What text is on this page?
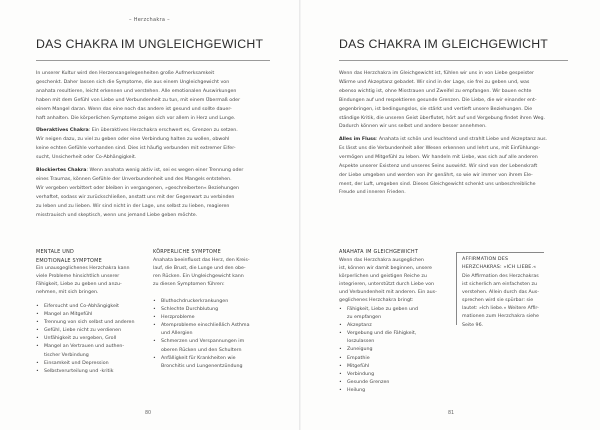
– Herzchakra –
DAS CHAKRA IM UNGLEICHGEWICHT

In unserer Kultur wird den Herzensangelegenheiten große Aufmerksamkeit
geschenkt. Daher lassen sich die Symptome, die aus einem Ungleichgewicht von
anahata resultieren, leicht erkennen und verstehen. Alle emotionalen Auswirkungen
haben mit dem Gefühl von Liebe und Verbundenheit zu tun, mit einem Übermaß oder
einem Mangel daran. Wenn das eine noch das andere ist gesund und sollte dauer-
haft anhalten. Die körperlichen Symptome zeigen sich vor allem in Herz und Lunge.

Überaktives Chakra: Ein überaktives Herzchakra erschwert es, Grenzen zu setzen.
Wir neigen dazu, zu viel zu geben oder eine Verbindung halten zu wollen, obwohl
keine echten Gefühle vorhanden sind. Dies ist häufig verbunden mit extremer Eifer-
sucht, Unsicherheit oder Co-Abhängigkeit.

Blockiertes Chakra: Wenn anahata wenig aktiv ist, sei es wegen einer Trennung oder
eines Traumas, können Gefühle der Unverbundenheit und des Mangels entstehen.
Wir vergeben verbittert oder bleiben in vergangenen, »geschreiberten« Beziehungen
verhaftet, sodass wir zurückschließen, anstatt uns mit der Gegenwart zu verbinden
zu leben und zu lieben. Wir sind nicht in der Lage, uns selbst zu lieben, reagieren
misstrauisch und skeptisch, wenn uns jemand Liebe geben möchte.

MENTALE UND
EMOTIONALE SYMPTOME

Ein unausgeglichenes Herzchakra kann
viele Probleme hinsichtlich unserer
Fähigkeit, Liebe zu geben und anzu-
nehmen, mit sich bringen.

• Eifersucht und Co-Abhängigkeit
• Mangel an Mitgefühl
• Trennung von sich selbst und anderen
• Gefühl, Liebe nicht zu verdienen
• Unfähigkeit zu vergeben, Groll
• Mangel an Vertrauen und authen-
tischer Verbindung
• Einsamkeit und Depression
• Selbstverurteilung und -kritik

KÖRPERLICHE SYMPTOME

Anahata beeinflusst das Herz, den Kreis-
lauf, die Brust, die Lunge und den obe-
ren Rücken. Ein Ungleichgewicht kann
zu diesen Symptomen führen:

• Bluthochdruckerkrankungen
• Schlechte Durchblutung
• Herzprobleme
• Atemprobleme einschließlich Asthma
und Allergien
• Schmerzen und Verspannungen im
oberen Rücken und den Schultern
• Anfälligkeit für Krankheiten wie
Bronchitis und Lungenentzündung
80
DAS CHAKRA IM GLEICHGEWICHT

Wenn das Herzchakra im Gleichgewicht ist, fühlen wir uns in von Liebe gespeister
Wärme und Akzeptanz gebadet. Wir sind in der Lage, sie frei zu geben und, was
ebenso wichtig ist, ohne Misstrauen und Zweifel zu empfangen. Wir bauen echte
Bindungen auf und respektieren gesunde Grenzen. Die Liebe, die wir einander ent-
gegenbringen, ist bedingungslos, sie stärkt und vertieft unsere Beziehungen. Die
ständige Kritik, die unseren Geist überflutet, hört auf und Vergebung findet ihren Weg.
Dadurch können wir uns selbst und andere besser annehmen.

Alles im Fluss: Anahata ist schön und leuchtend und strahlt Liebe und Akzeptanz aus.
Es lässt uns die Verbundenheit aller Wesen erkennen und lehrt uns, mit Einfühlungs-
vermögen und Mitgefühl zu leben. Wir handeln mit Liebe, was sich auf alle anderen
Aspekte unserer Existenz und unseres Seins auswirkt. Wir sind von der Lebenskraft
der Liebe umgeben und werden von ihr genährt, so wie wir immer von ihrem Ele-
ment, der Luft, umgeben sind. Dieses Gleichgewicht schenkt uns unbeschreibliche
Freude und inneren Frieden.

ANAHATA IM GLEICHGEWICHT

Wenn das Herzchakra ausgeglichen
ist, können wir damit beginnen, unsere
körperlichen und geistigen Reiche zu
integrieren, unterstützt durch Liebe von
und Verbundenheit mit anderen. Ein aus-
geglichenes Herzchakra bringt:

• Fähigkeit, Liebe zu geben und
zu empfangen
• Akzeptanz
• Vergebung und die Fähigkeit,
loszulassen
• Zuneigung
• Empathie
• Mitgefühl
• Verbindung
• Gesunde Grenzen
• Heilung

AFFIRMATION DES
HERZCHAKRAS: »ICH LIEBE.«

Die Affirmation des Herzchakras
ist sicherlich am einfachsten zu
verstehen. Allein durch das Aus-
sprechen wird sie spürbar: sie
lautet: »Ich liebe.« Weitere Affir-
mationen zum Herzchakra siehe
Seite 96.

81
